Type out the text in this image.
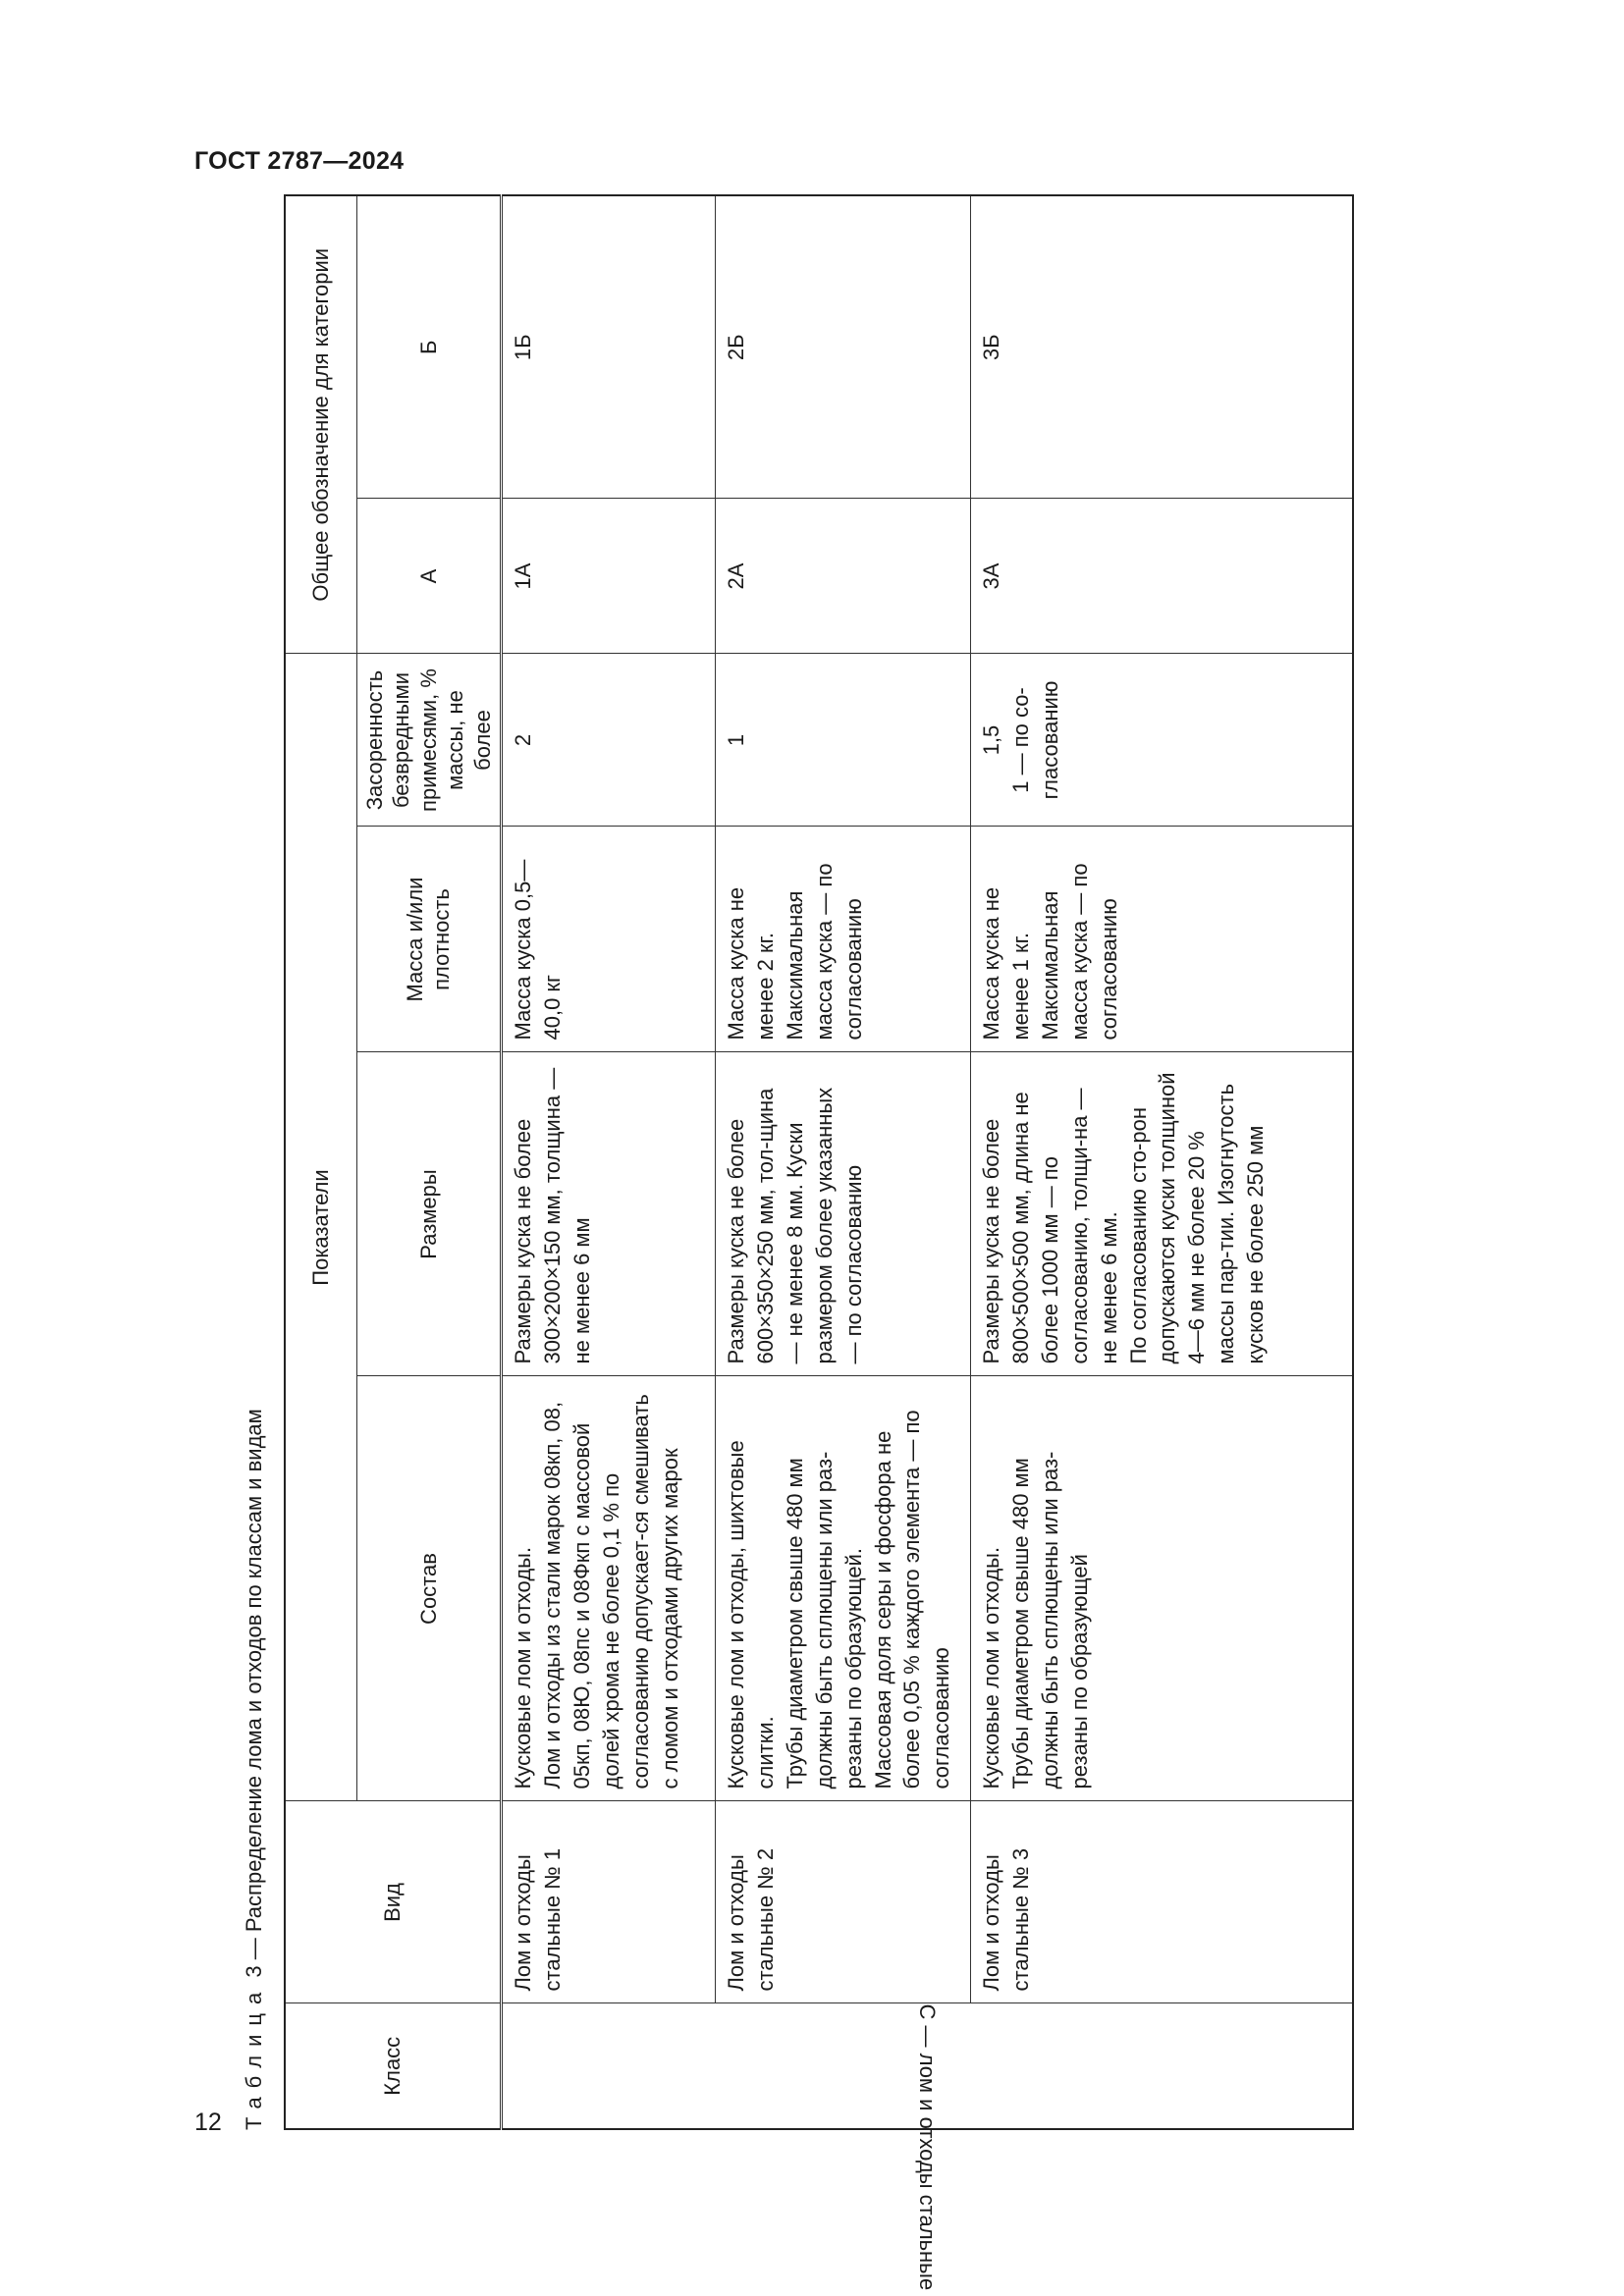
ГОСТ 2787—2024
Таблица 3 — Распределение лома и отходов по классам и видам
Класс	Вид	Показатели				Общее обозначение для категории	
		Состав	Размеры	Масса и/или плотность	Засоренность безвредными примесями, % массы, не более	А	Б

С — лом и отходы стальные	Лом и отходы стальные № 1	Кусковые лом и отходы.
Лом и отходы из стали марок 08кп, 08, 05кп, 08Ю, 08пс и 08Фкп с массовой долей хрома не более 0,1 % по согласованию допускает-ся смешивать с ломом и отходами других марок	Размеры куска не более 300×200×150 мм, толщина — не менее 6 мм	Масса куска 0,5—40,0 кг	2	1А	1Б
	Лом и отходы стальные № 2	Кусковые лом и отходы, шихтовые слитки.
Трубы диаметром свыше 480 мм должны быть сплющены или раз-резаны по образующей.
Массовая доля серы и фосфора не более 0,05 % каждого элемента — по согласованию	Размеры куска не более 600×350×250 мм, тол-щина — не менее 8 мм. Куски размером более указанных — по согласованию	Масса куска не менее 2 кг. Максимальная масса куска — по согласованию	1	2А	2Б
	Лом и отходы стальные № 3	Кусковые лом и отходы.
Трубы диаметром свыше 480 мм должны быть сплющены или раз-резаны по образующей	Размеры куска не более 800×500×500 мм, длина не более 1000 мм — по согласованию, толщи-на — не менее 6 мм.
По согласованию сто-рон допускаются куски толщиной 4—6 мм не более 20 % массы пар-тии. Изогнутость кусков не более 250 мм	Масса куска не менее 1 кг. Максимальная масса куска — по согласованию	1,5
1 — по со-гласованию	3А	3Б
12
